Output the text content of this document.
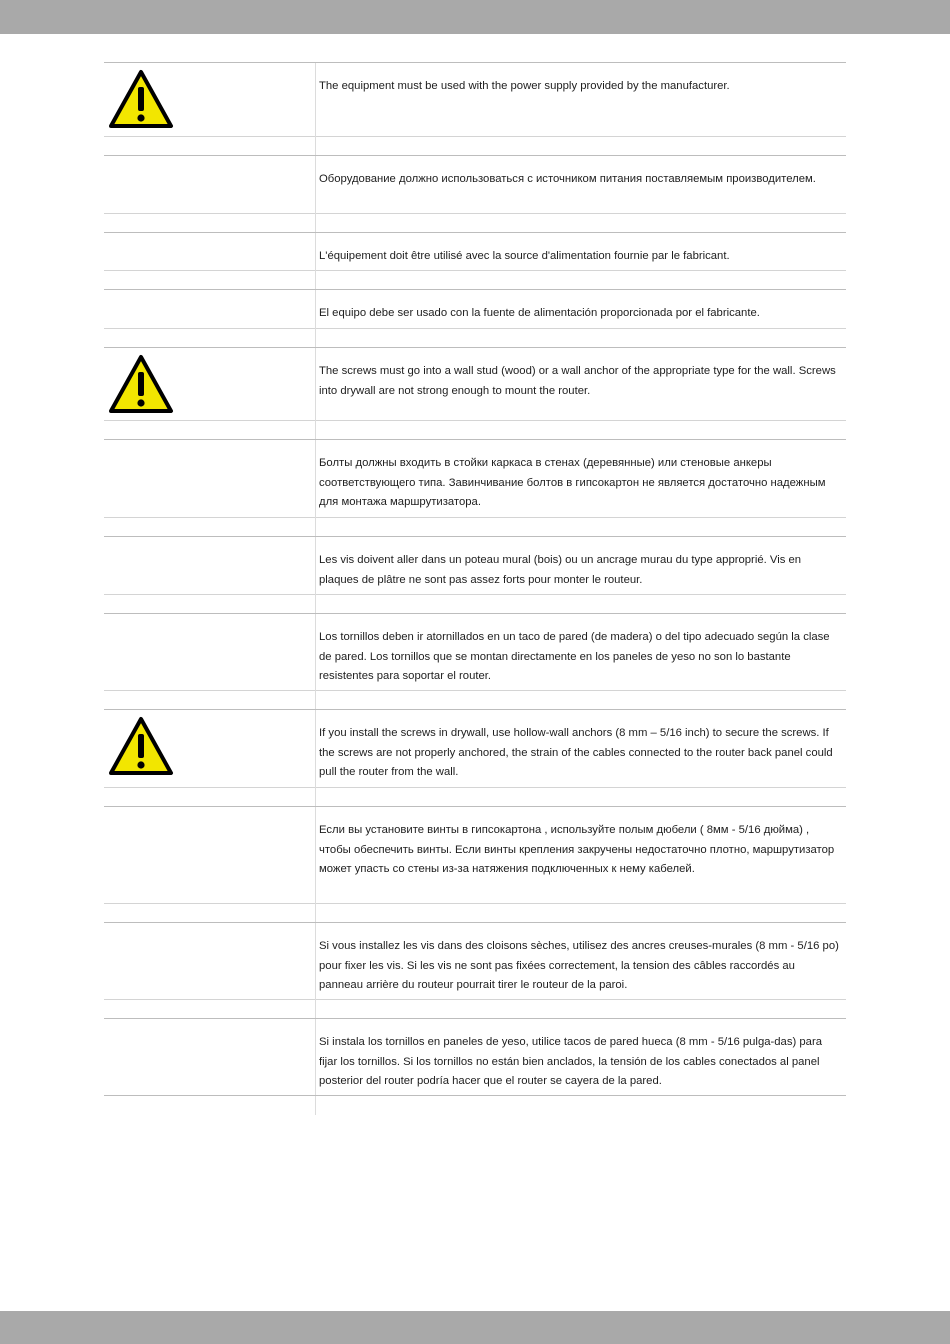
The equipment must be used with the power supply provided by the manufacturer.
Оборудование должно использоваться с источником питания поставляемым производителем.
L'équipement doit être utilisé avec la source d'alimentation fournie par le fabricant.
El equipo debe ser usado con la fuente de alimentación proporcionada por el fabricante.
The screws must go into a wall stud (wood) or a wall anchor of the appropriate type for the wall. Screws into drywall are not strong enough to mount the router.
Болты должны входить в стойки каркаса в стенах (деревянные) или стеновые анкеры соответствующего типа. Завинчивание болтов в гипсокартон не является достаточно надежным для монтажа маршрутизатора.
Les vis doivent aller dans un poteau mural (bois) ou un ancrage murau du type approprié. Vis en plaques de plâtre ne sont pas assez forts pour monter le routeur.
Los tornillos deben ir atornillados en un taco de pared (de madera) o del tipo adecuado según la clase de pared. Los tornillos que se montan directamente en los paneles de yeso no son lo bastante resistentes para soportar el router.
If you install the screws in drywall, use hollow-wall anchors (8 mm – 5/16 inch) to secure the screws. If the screws are not properly anchored, the strain of the cables connected to the router back panel could pull the router from the wall.
Если вы установите винты в гипсокартона , используйте полым дюбели ( 8мм - 5/16 дюйма) , чтобы обеспечить винты. Если винты крепления закручены недостаточно плотно, маршрутизатор может упасть со стены из-за натяжения подключенных к нему кабелей.
Si vous installez les vis dans des cloisons sèches, utilisez des ancres creuses-murales (8 mm - 5/16 po) pour fixer les vis. Si les vis ne sont pas fixées correctement, la tension des câbles raccordés au panneau arrière du routeur pourrait tirer le routeur de la paroi.
Si instala los tornillos en paneles de yeso, utilice tacos de pared hueca (8 mm - 5/16 pulga-das) para fijar los tornillos. Si los tornillos no están bien anclados, la tensión de los cables conectados al panel posterior del router podría hacer que el router se cayera de la pared.
